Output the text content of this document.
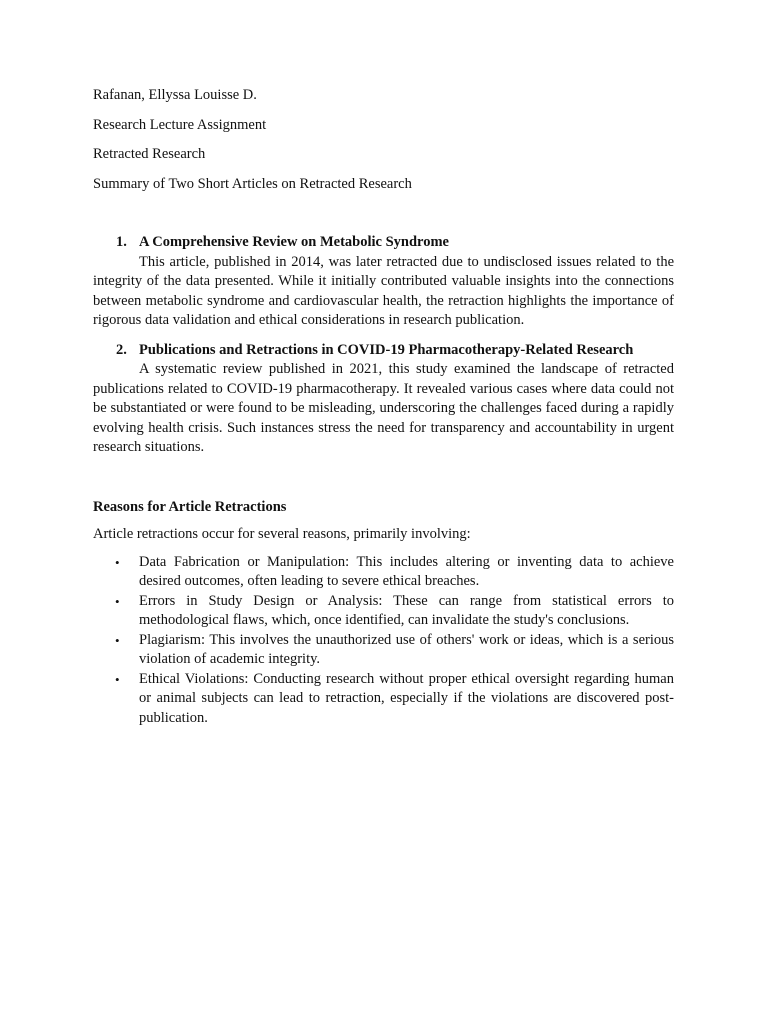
Rafanan, Ellyssa Louisse D.
Research Lecture Assignment
Retracted Research
Summary of Two Short Articles on Retracted Research
1. A Comprehensive Review on Metabolic Syndrome

This article, published in 2014, was later retracted due to undisclosed issues related to the integrity of the data presented. While it initially contributed valuable insights into the connections between metabolic syndrome and cardiovascular health, the retraction highlights the importance of rigorous data validation and ethical considerations in research publication.

2. Publications and Retractions in COVID-19 Pharmacotherapy-Related Research

A systematic review published in 2021, this study examined the landscape of retracted publications related to COVID-19 pharmacotherapy. It revealed various cases where data could not be substantiated or were found to be misleading, underscoring the challenges faced during a rapidly evolving health crisis. Such instances stress the need for transparency and accountability in urgent research situations.

Reasons for Article Retractions
Article retractions occur for several reasons, primarily involving:
• Data Fabrication or Manipulation: This includes altering or inventing data to achieve desired outcomes, often leading to severe ethical breaches.
• Errors in Study Design or Analysis: These can range from statistical errors to methodological flaws, which, once identified, can invalidate the study's conclusions.
• Plagiarism: This involves the unauthorized use of others' work or ideas, which is a serious violation of academic integrity.
• Ethical Violations: Conducting research without proper ethical oversight regarding human or animal subjects can lead to retraction, especially if the violations are discovered post-publication.
